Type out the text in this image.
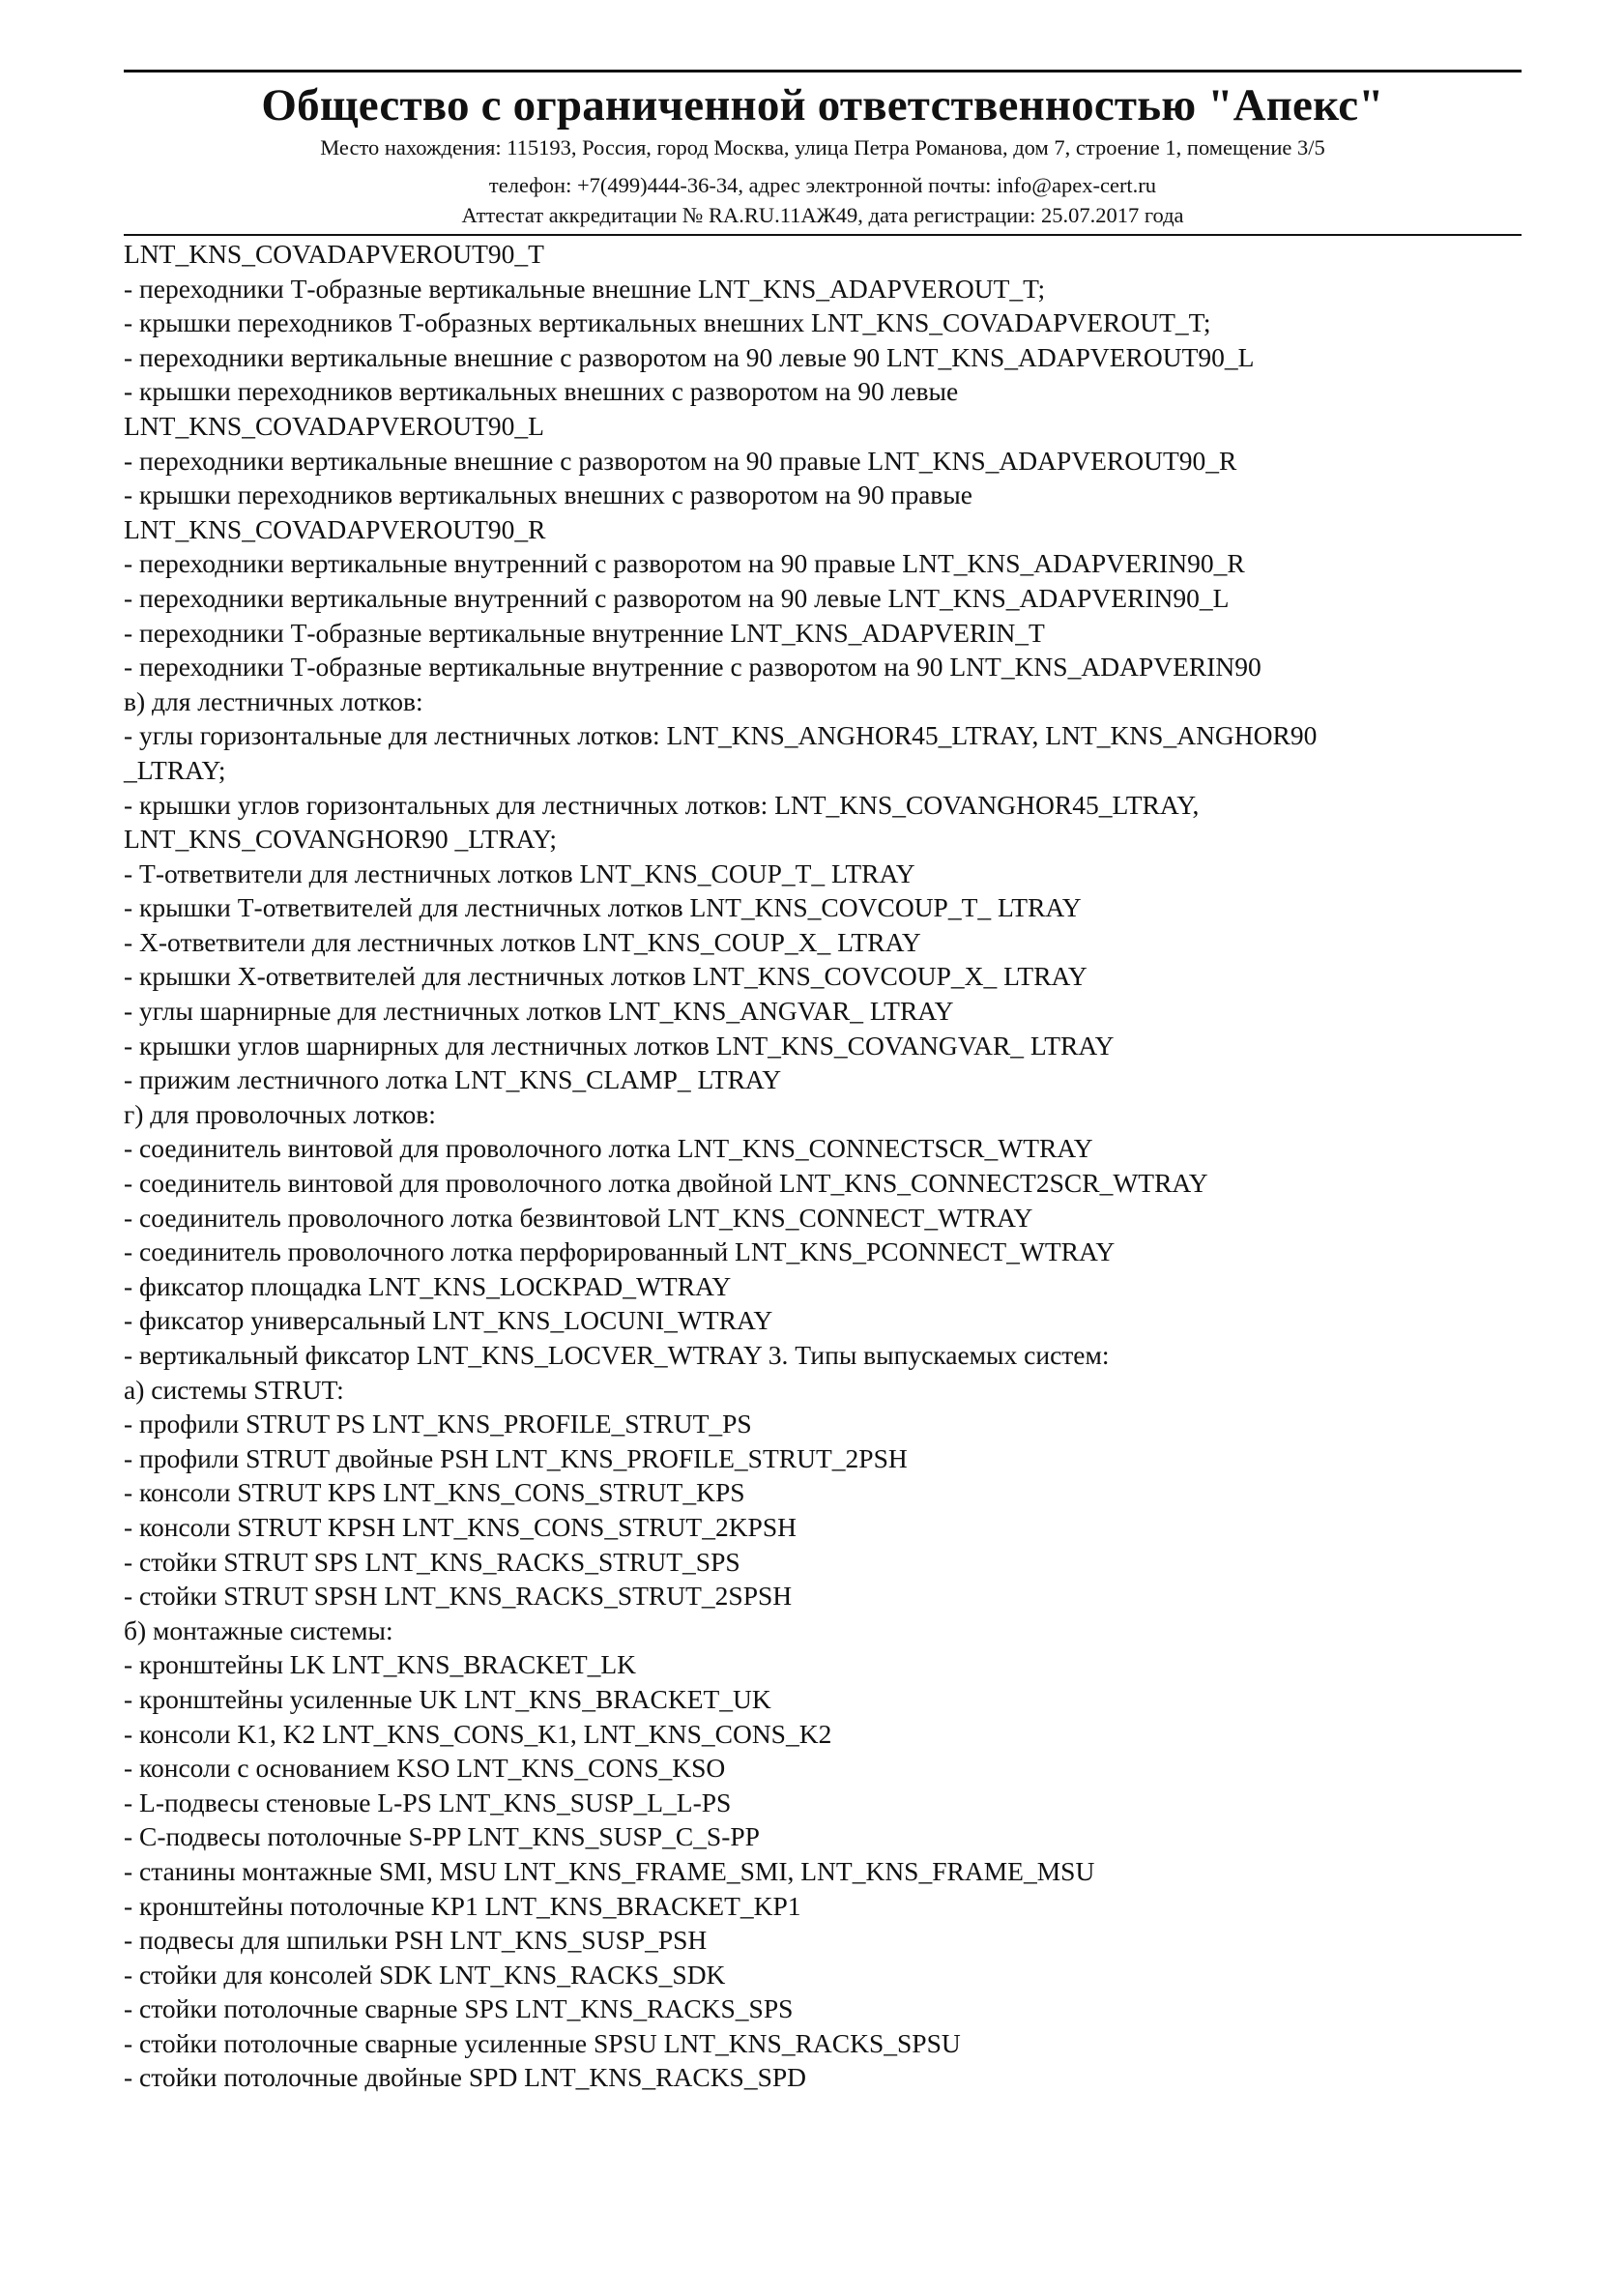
Общество с ограниченной ответственностью "Апекс"
Место нахождения: 115193, Россия, город Москва, улица Петра Романова, дом 7, строение 1, помещение 3/5
телефон: +7(499)444-36-34, адрес электронной почты: info@apex-cert.ru
Аттестат аккредитации № RA.RU.11АЖ49, дата регистрации: 25.07.2017 года
LNT_KNS_COVADAPVEROUT90_T
- переходники Т-образные вертикальные внешние LNT_KNS_ADAPVEROUT_T;
- крышки переходников Т-образных вертикальных внешних LNT_KNS_COVADAPVEROUT_T;
- переходники вертикальные внешние с разворотом на 90 левые 90 LNT_KNS_ADAPVEROUT90_L
- крышки переходников вертикальных внешних с разворотом на 90 левые
LNT_KNS_COVADAPVEROUT90_L
- переходники вертикальные внешние с разворотом на 90 правые LNT_KNS_ADAPVEROUT90_R
- крышки переходников вертикальных внешних с разворотом на 90 правые
LNT_KNS_COVADAPVEROUT90_R
- переходники вертикальные внутренний с разворотом на 90 правые LNT_KNS_ADAPVERIN90_R
- переходники вертикальные внутренний с разворотом на 90 левые LNT_KNS_ADAPVERIN90_L
- переходники Т-образные вертикальные внутренние LNT_KNS_ADAPVERIN_T
- переходники Т-образные вертикальные внутренние с разворотом на 90 LNT_KNS_ADAPVERIN90
в) для лестничных лотков:
- углы горизонтальные для лестничных лотков: LNT_KNS_ANGHOR45_LTRAY, LNT_KNS_ANGHOR90
_LTRAY;
- крышки углов горизонтальных для лестничных лотков: LNT_KNS_COVANGHOR45_LTRAY,
LNT_KNS_COVANGHOR90 _LTRAY;
- Т-ответвители для лестничных лотков LNT_KNS_COUP_T_ LTRAY
- крышки Т-ответвителей для лестничных лотков LNT_KNS_COVCOUP_T_ LTRAY
- Х-ответвители для лестничных лотков LNT_KNS_COUP_X_ LTRAY
- крышки Х-ответвителей для лестничных лотков LNT_KNS_COVCOUP_X_ LTRAY
- углы шарнирные для лестничных лотков LNT_KNS_ANGVAR_ LTRAY
- крышки углов шарнирных для лестничных лотков LNT_KNS_COVANGVAR_ LTRAY
- прижим лестничного лотка LNT_KNS_CLAMP_ LTRAY
г) для проволочных лотков:
- соединитель винтовой для проволочного лотка LNT_KNS_CONNECTSCR_WTRAY
- соединитель винтовой для проволочного лотка двойной LNT_KNS_CONNECT2SCR_WTRAY
- соединитель проволочного лотка безвинтовой LNT_KNS_CONNECT_WTRAY
- соединитель проволочного лотка перфорированный LNT_KNS_PCONNECT_WTRAY
- фиксатор площадка LNT_KNS_LOCKPAD_WTRAY
- фиксатор универсальный LNT_KNS_LOCUNI_WTRAY
- вертикальный фиксатор LNT_KNS_LOCVER_WTRAY 3. Типы выпускаемых систем:
а) системы STRUT:
- профили STRUT PS LNT_KNS_PROFILE_STRUT_PS
- профили STRUT двойные PSH LNT_KNS_PROFILE_STRUT_2PSH
- консоли STRUT KPS LNT_KNS_CONS_STRUT_KPS
- консоли STRUT KPSH LNT_KNS_CONS_STRUT_2KPSH
- стойки STRUT SPS LNT_KNS_RACKS_STRUT_SPS
- стойки STRUT SPSH LNT_KNS_RACKS_STRUT_2SPSH
б) монтажные системы:
- кронштейны LK LNT_KNS_BRACKET_LK
- кронштейны усиленные UK LNT_KNS_BRACKET_UK
- консоли K1, K2 LNT_KNS_CONS_K1, LNT_KNS_CONS_K2
- консоли с основанием KSO LNT_KNS_CONS_KSO
- L-подвесы стеновые L-PS LNT_KNS_SUSP_L_L-PS
- С-подвесы потолочные S-PP LNT_KNS_SUSP_C_S-PP
- станины монтажные SMI, MSU LNT_KNS_FRAME_SMI, LNT_KNS_FRAME_MSU
- кронштейны потолочные KP1 LNT_KNS_BRACKET_KP1
- подвесы для шпильки PSH LNT_KNS_SUSP_PSH
- стойки для консолей SDK LNT_KNS_RACKS_SDK
- стойки потолочные сварные SPS LNT_KNS_RACKS_SPS
- стойки потолочные сварные усиленные SPSU LNT_KNS_RACKS_SPSU
- стойки потолочные двойные SPD LNT_KNS_RACKS_SPD
